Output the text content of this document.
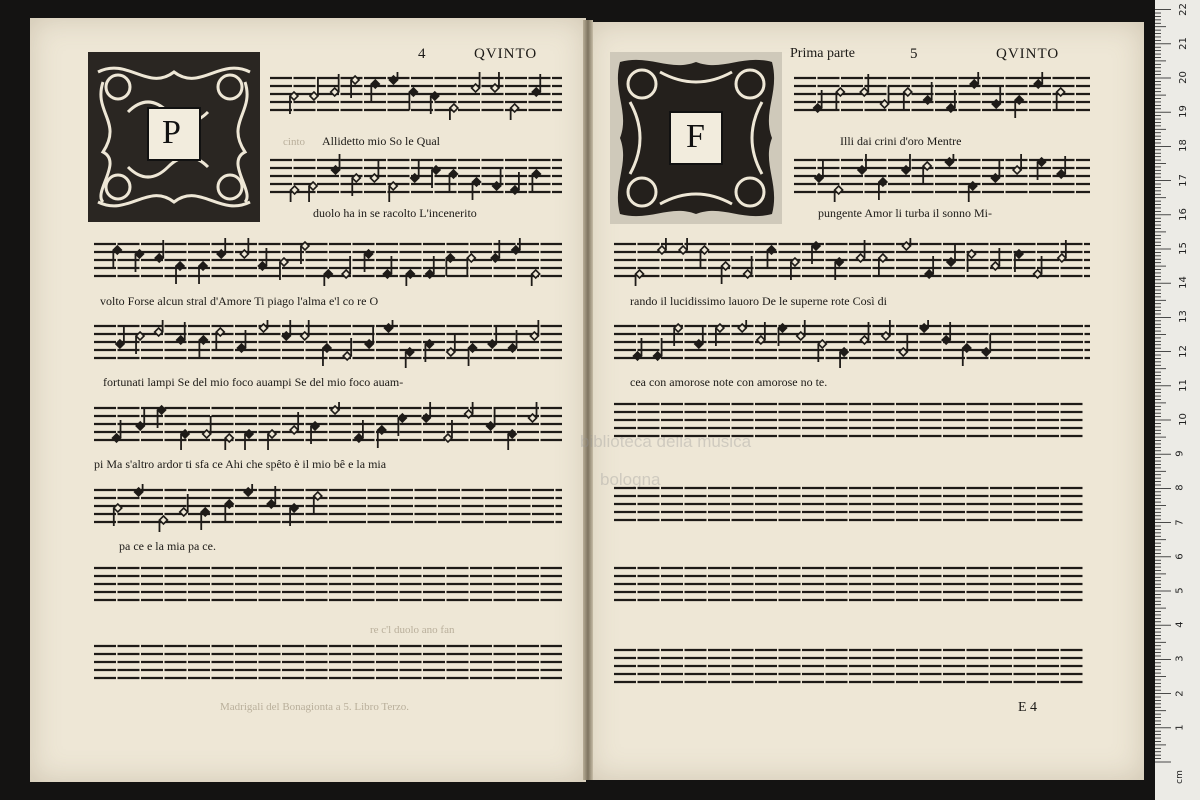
4	QVINTO
P	cinto Allidetto mio So le Qual
duolo ha in se racolto L'incenerito
volto Forse alcun stral d'Amore Ti piago l'alma e'l co re O
fortunati lampi Se del mio foco auampi Se del mio foco auam-
pi Ma s'altro ardor ti sfa ce Ahi che spêto è il mio bê e la mia
pa ce e la mia pa ce.
re c'l duolo ano fan
Madrigali del Bonagionta a 5. Libro Terzo.
Prima parte	5	QVINTO
F	Illi dai crini d'oro Mentre
pungente Amor li turba il sonno Mi-
rando il lucidissimo lauoro De le superne rote Così di
cea con amorose note con amorose no te.
biblioteca della musica
bologna
E 4
cm
1
2
3
4
5
6
7
8
9
10
11
12
13
14
15
16
17
18
19
20
21
22
